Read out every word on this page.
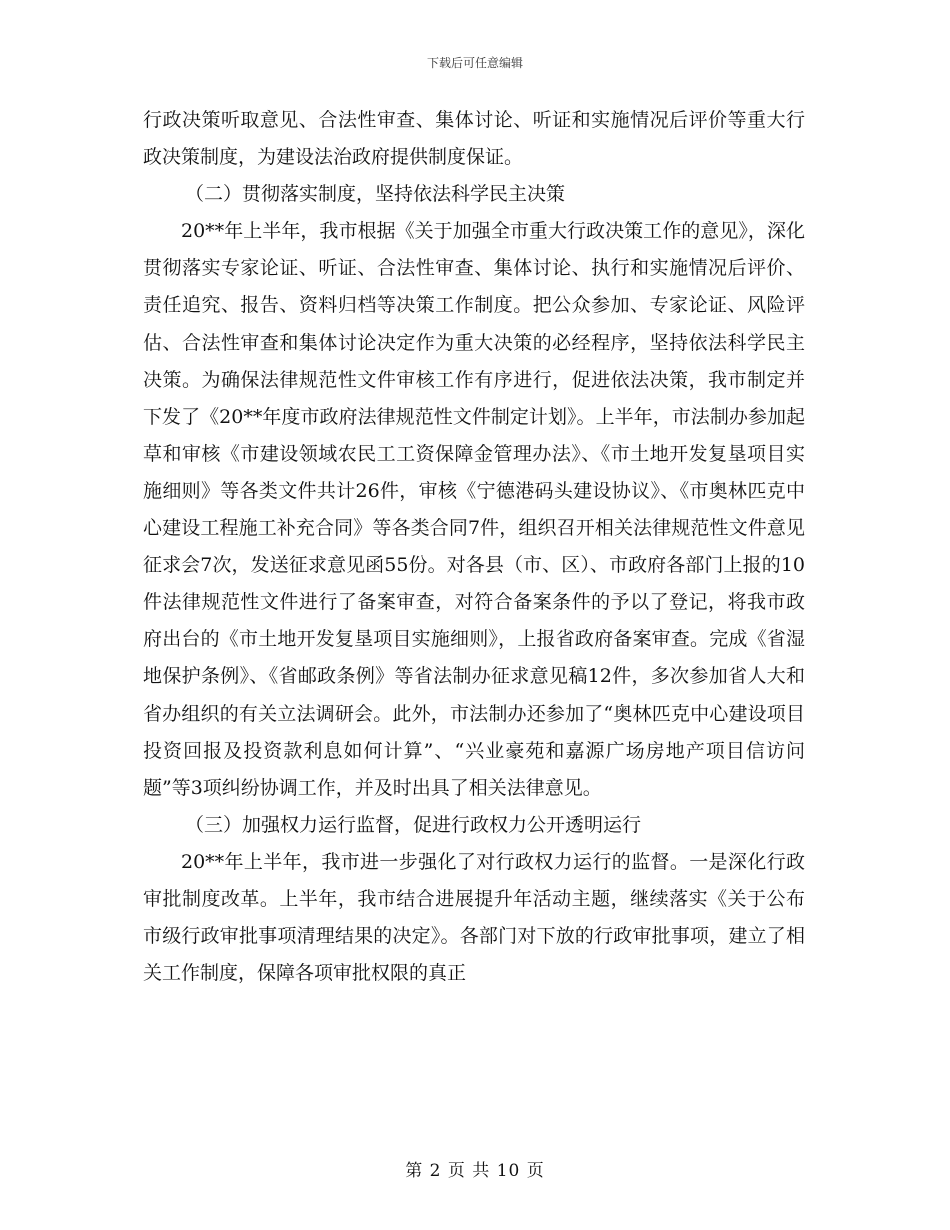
下载后可任意编辑

行政决策听取意见、合法性审查、集体讨论、听证和实施情况后评价等重大行政决策制度，为建设法治政府提供制度保证。

（二）贯彻落实制度，坚持依法科学民主决策

20**年上半年，我市根据《关于加强全市重大行政决策工作的意见》，深化贯彻落实专家论证、听证、合法性审查、集体讨论、执行和实施情况后评价、责任追究、报告、资料归档等决策工作制度。把公众参加、专家论证、风险评估、合法性审查和集体讨论决定作为重大决策的必经程序，坚持依法科学民主决策。为确保法律规范性文件审核工作有序进行，促进依法决策，我市制定并下发了《20**年度市政府法律规范性文件制定计划》。上半年，市法制办参加起草和审核《市建设领域农民工工资保障金管理办法》、《市土地开发复垦项目实施细则》等各类文件共计26件，审核《宁德港码头建设协议》、《市奥林匹克中心建设工程施工补充合同》等各类合同7件，组织召开相关法律规范性文件意见征求会7次，发送征求意见函55份。对各县（市、区）、市政府各部门上报的10件法律规范性文件进行了备案审查，对符合备案条件的予以了登记，将我市政府出台的《市土地开发复垦项目实施细则》，上报省政府备案审查。完成《省湿地保护条例》、《省邮政条例》等省法制办征求意见稿12件，多次参加省人大和省办组织的有关立法调研会。此外，市法制办还参加了“奥林匹克中心建设项目投资回报及投资款利息如何计算”、“兴业豪苑和嘉源广场房地产项目信访问题”等3项纠纷协调工作，并及时出具了相关法律意见。

（三）加强权力运行监督，促进行政权力公开透明运行

20**年上半年，我市进一步强化了对行政权力运行的监督。一是深化行政审批制度改革。上半年，我市结合进展提升年活动主题，继续落实《关于公布市级行政审批事项清理结果的决定》。各部门对下放的行政审批事项，建立了相关工作制度，保障各项审批权限的真正

第 2 页 共 10 页
